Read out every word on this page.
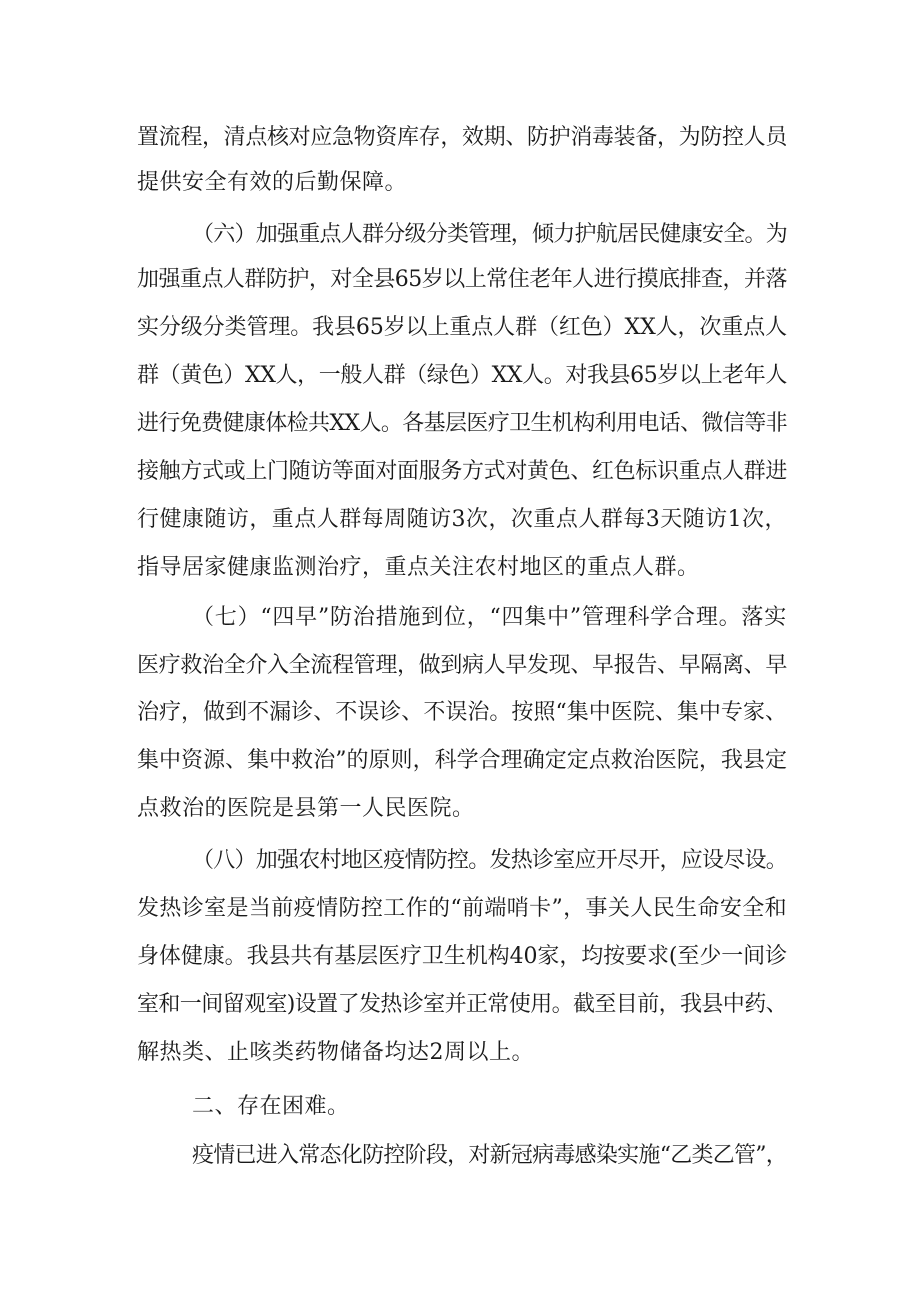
置流程，清点核对应急物资库存，效期、防护消毒装备，为防控人员
提供安全有效的后勤保障。
（六）加强重点人群分级分类管理，倾力护航居民健康安全。为
加强重点人群防护，对全县65岁以上常住老年人进行摸底排查，并落
实分级分类管理。我县65岁以上重点人群（红色）XX人，次重点人
群（黄色）XX人，一般人群（绿色）XX人。对我县65岁以上老年人
进行免费健康体检共XX人。各基层医疗卫生机构利用电话、微信等非
接触方式或上门随访等面对面服务方式对黄色、红色标识重点人群进
行健康随访，重点人群每周随访3次，次重点人群每3天随访1次，
指导居家健康监测治疗，重点关注农村地区的重点人群。
（七）“四早”防治措施到位，“四集中”管理科学合理。落实
医疗救治全介入全流程管理，做到病人早发现、早报告、早隔离、早
治疗，做到不漏诊、不误诊、不误治。按照“集中医院、集中专家、
集中资源、集中救治”的原则，科学合理确定定点救治医院，我县定
点救治的医院是县第一人民医院。
（八）加强农村地区疫情防控。发热诊室应开尽开，应设尽设。
发热诊室是当前疫情防控工作的“前端哨卡”，事关人民生命安全和
身体健康。我县共有基层医疗卫生机构40家，均按要求(至少一间诊
室和一间留观室)设置了发热诊室并正常使用。截至目前，我县中药、
解热类、止咳类药物储备均达2周以上。
二、存在困难。
疫情已进入常态化防控阶段，对新冠病毒感染实施“乙类乙管”，
